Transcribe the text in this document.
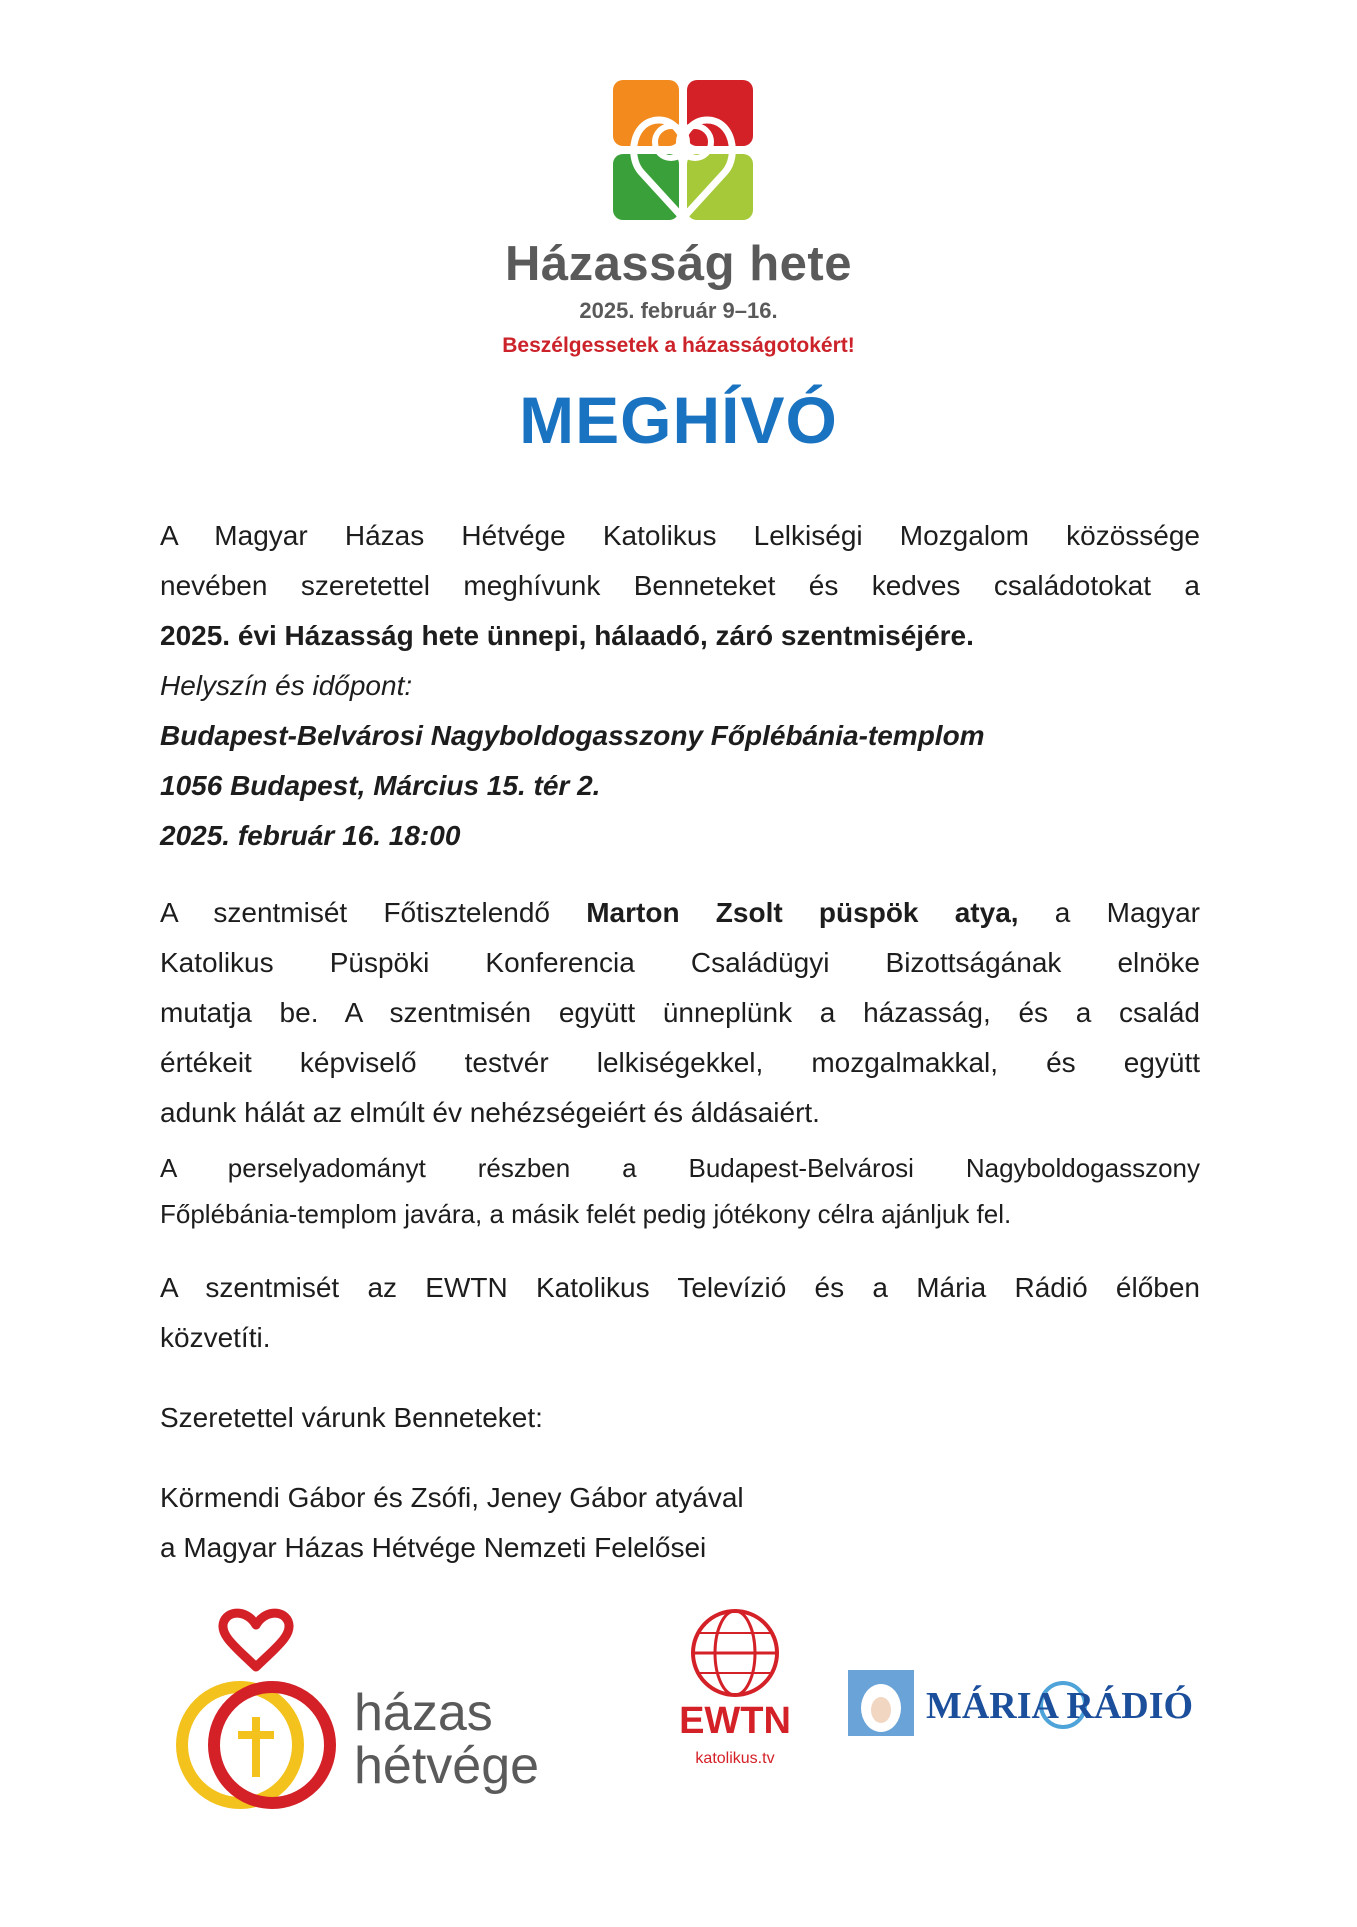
Házasság hete
2025. február 9–16.
Beszélgessetek a házasságotokért!
MEGHÍVÓ
A Magyar Házas Hétvége Katolikus Lelkiségi Mozgalom közössége
nevében szeretettel meghívunk Benneteket és kedves családotokat a
2025. évi Házasság hete ünnepi, hálaadó, záró szentmiséjére.
Helyszín és időpont:
Budapest-Belvárosi Nagyboldogasszony Főplébánia-templom
1056 Budapest, Március 15. tér 2.
2025. február 16. 18:00
A szentmisét Főtisztelendő Marton Zsolt püspök atya, a Magyar
Katolikus Püspöki Konferencia Családügyi Bizottságának elnöke
mutatja be. A szentmisén együtt ünneplünk a házasság, és a család
értékeit képviselő testvér lelkiségekkel, mozgalmakkal, és együtt
adunk hálát az elmúlt év nehézségeiért és áldásaiért.
A perselyadományt részben a Budapest-Belvárosi Nagyboldogasszony
Főplébánia-templom javára, a másik felét pedig jótékony célra ajánljuk fel.
A szentmisét az EWTN Katolikus Televízió és a Mária Rádió élőben
közvetíti.
Szeretettel várunk Benneteket:
Körmendi Gábor és Zsófi, Jeney Gábor atyával
a Magyar Házas Hétvége Nemzeti Felelősei
házas
hétvége
EWTN
katolikus.tv
MÁRIA RÁDIÓ
